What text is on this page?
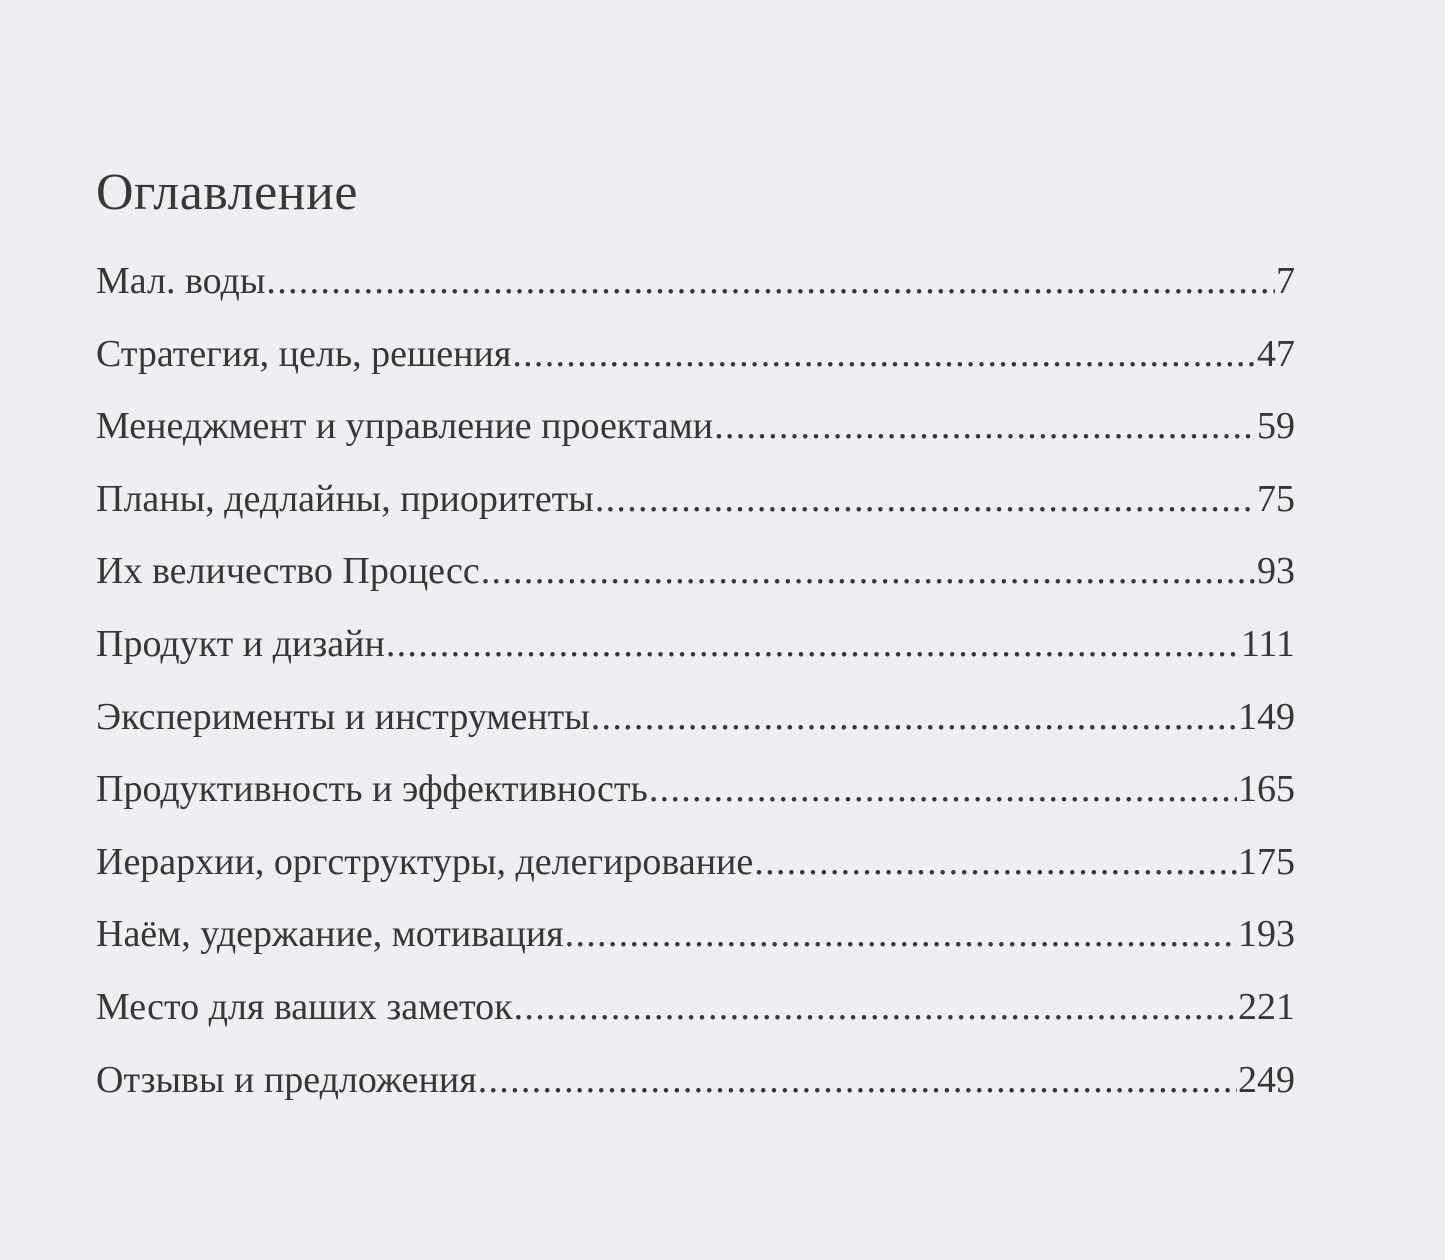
Оглавление
Мал. воды .....	7
Стратегия, цель, решения .....	47
Менеджмент и управление проектами .....	59
Планы, дедлайны, приоритеты .....	75
Их величество Процесс .....	93
Продукт и дизайн .....	111
Эксперименты и инструменты .....	149
Продуктивность и эффективность .....	165
Иерархии, оргструктуры, делегирование .....	175
Наём, удержание, мотивация .....	193
Место для ваших заметок .....	221
Отзывы и предложения .....	249
